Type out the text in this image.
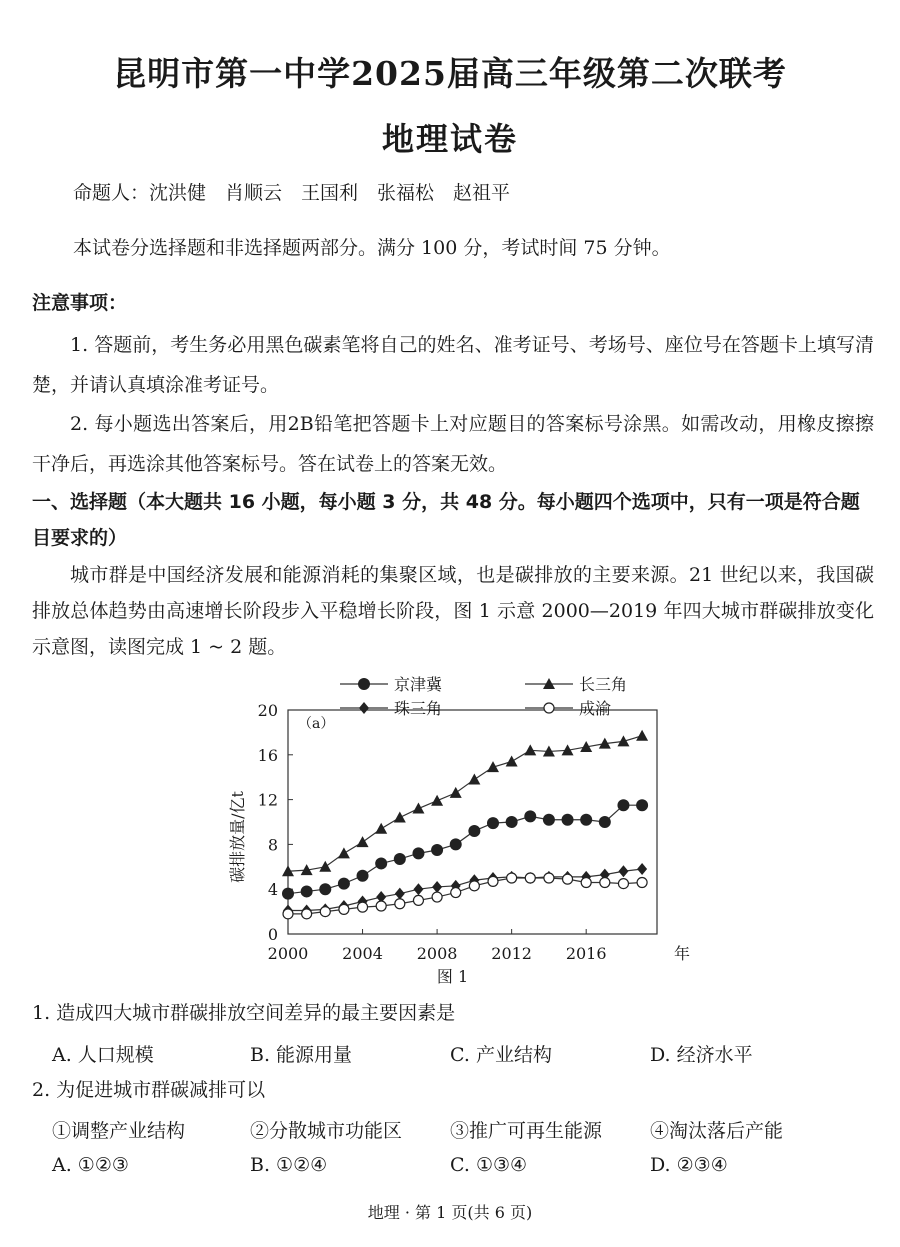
昆明市第一中学2025届高三年级第二次联考
地理试卷
命题人：沈洪健　肖顺云　王国利　张福松　赵祖平
本试卷分选择题和非选择题两部分。满分 100 分，考试时间 75 分钟。
注意事项：
1. 答题前，考生务必用黑色碳素笔将自己的姓名、准考证号、考场号、座位号在答题卡上填写清楚，并请认真填涂准考证号。
2. 每小题选出答案后，用2B铅笔把答题卡上对应题目的答案标号涂黑。如需改动，用橡皮擦擦干净后，再选涂其他答案标号。答在试卷上的答案无效。
一、选择题（本大题共 16 小题，每小题 3 分，共 48 分。每小题四个选项中，只有一项是符合题目要求的）
城市群是中国经济发展和能源消耗的集聚区域，也是碳排放的主要来源。21 世纪以来，我国碳排放总体趋势由高速增长阶段步入平稳增长阶段，图 1 示意 2000—2019 年四大城市群碳排放变化示意图，读图完成 1 ~ 2 题。
0
4
8
12
16
20
2000 2004 2008 2012 2016	年
碳排放量/亿t
（a）
图 1
京津冀	长三角
珠三角	成渝
1. 造成四大城市群碳排放空间差异的最主要因素是
A. 人口规模	B. 能源用量	C. 产业结构	D. 经济水平
2. 为促进城市群碳减排可以
①调整产业结构	②分散城市功能区	③推广可再生能源	④淘汰落后产能
A. ①②③	B. ①②④	C. ①③④	D. ②③④
地理 · 第 1 页(共 6 页)
